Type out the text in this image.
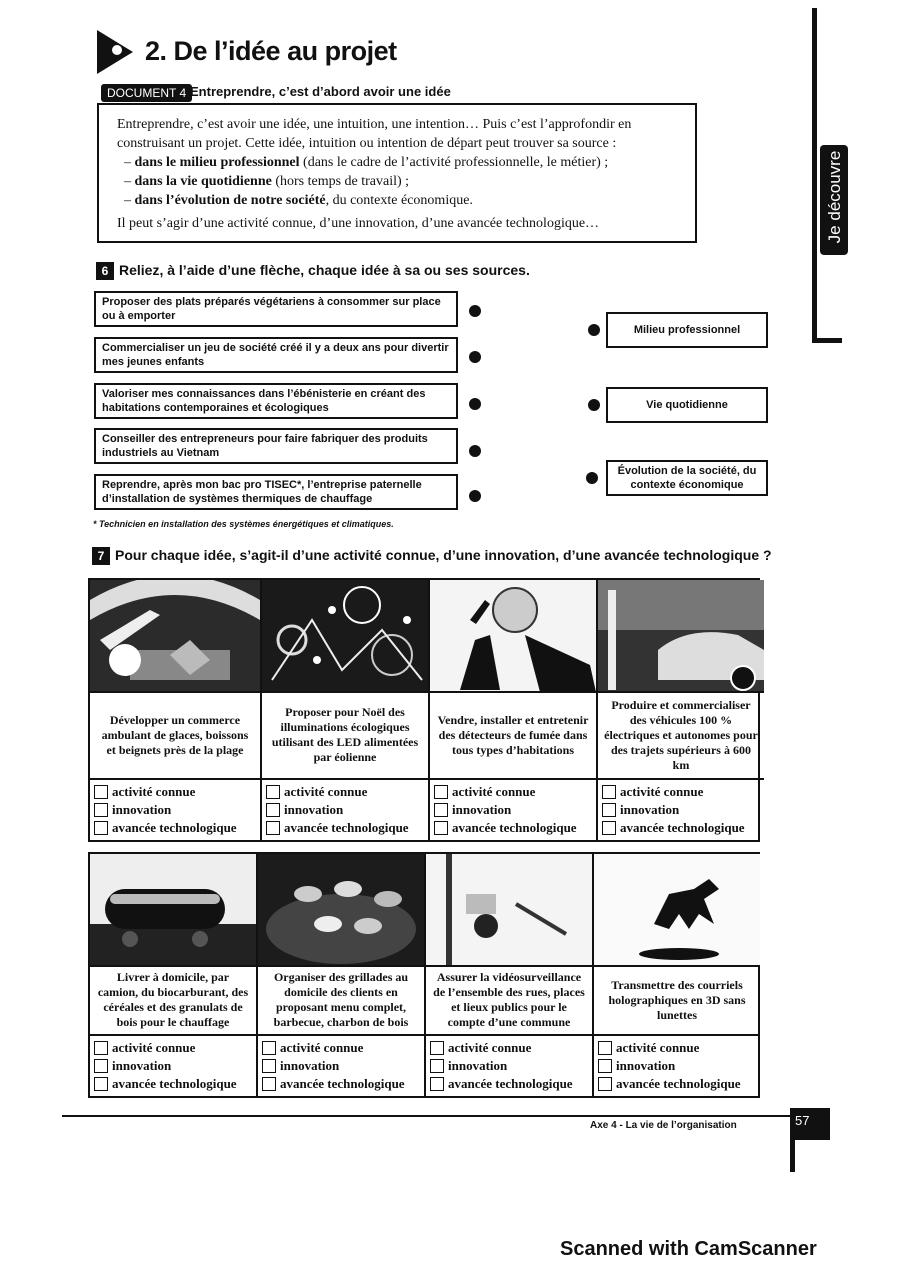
2. De l’idée au projet
DOCUMENT 4 Entreprendre, c’est d’abord avoir une idée

Entreprendre, c’est avoir une idée, une intuition, une intention… Puis c’est l’approfondir en construisant un projet. Cette idée, intuition ou intention de départ peut trouver sa source :

– dans le milieu professionnel (dans le cadre de l’activité professionnelle, le métier) ;

– dans la vie quotidienne (hors temps de travail) ;

– dans l’évolution de notre société, du contexte économique.

Il peut s’agir d’une activité connue, d’une innovation, d’une avancée technologique…	Je découvre
6 Reliez, à l’aide d’une flèche, chaque idée à sa ou ses sources.
Proposer des plats préparés végétariens à consommer sur place ou à emporter
Commercialiser un jeu de société créé il y a deux ans pour divertir mes jeunes enfants
Valoriser mes connaissances dans l’ébénisterie en créant des habitations contemporaines et écologiques
Conseiller des entrepreneurs pour faire fabriquer des produits industriels au Vietnam
Reprendre, après mon bac pro TISEC*, l’entreprise paternelle d’installation de systèmes thermiques de chauffage
Milieu professionnel
Vie quotidienne
Évolution de la société, du contexte économique
* Technicien en installation des systèmes énergétiques et climatiques.
7 Pour chaque idée, s’agit-il d’une activité connue, d’une innovation, d’une avancée technologique ?
Développer un commerce ambulant de glaces, boissons et beignets près de la plage
activité connue
innovation
avancée technologique
Proposer pour Noël des illuminations écologiques utilisant des LED alimentées par éolienne
activité connue
innovation
avancée technologique
Vendre, installer et entretenir des détecteurs de fumée dans tous types d’habitations
activité connue
innovation
avancée technologique
Produire et commercialiser des véhicules 100 % électriques et autonomes pour des trajets supérieurs à 600 km
activité connue
innovation
avancée technologique
Livrer à domicile, par camion, du biocarburant, des céréales et des granulats de bois pour le chauffage
activité connue
innovation
avancée technologique
Organiser des grillades au domicile des clients en proposant menu complet, barbecue, charbon de bois
activité connue
innovation
avancée technologique
Assurer la vidéosurveillance de l’ensemble des rues, places et lieux publics pour le compte d’une commune
activité connue
innovation
avancée technologique
Transmettre des courriels holographiques en 3D sans lunettes
activité connue
innovation
avancée technologique
Axe 4 - La vie de l’organisation	57
Scanned with CamScanner
